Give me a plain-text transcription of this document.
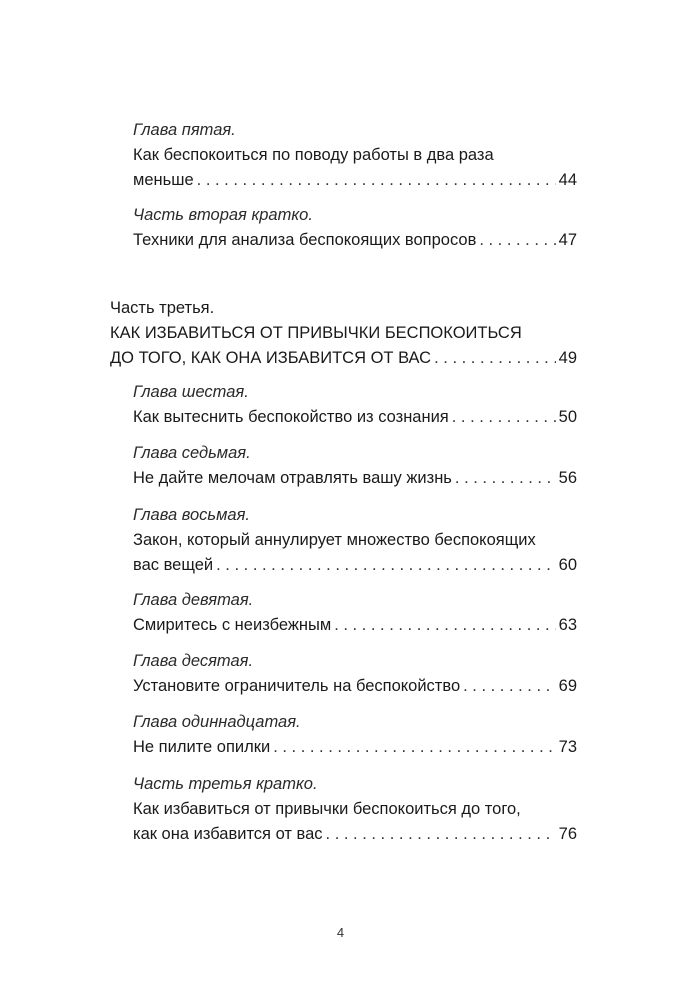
Глава пятая.
Как беспокоиться по поводу работы в два раза
меньше . . .	44
Часть вторая кратко.
Техники для анализа беспокоящих вопросов . . .	47
Часть третья.
КАК ИЗБАВИТЬСЯ ОТ ПРИВЫЧКИ БЕСПОКОИТЬСЯ
ДО ТОГО, КАК ОНА ИЗБАВИТСЯ ОТ ВАС . . .	49
Глава шестая.
Как вытеснить беспокойство из сознания . . .	50
Глава седьмая.
Не дайте мелочам отравлять вашу жизнь . . .	56
Глава восьмая.
Закон, который аннулирует множество беспокоящих
вас вещей . . .	60
Глава девятая.
Смиритесь с неизбежным . . .	63
Глава десятая.
Установите ограничитель на беспокойство . . .	69
Глава одиннадцатая.
Не пилите опилки . . .	73
Часть третья кратко.
Как избавиться от привычки беспокоиться до того,
как она избавится от вас . . .	76
4
